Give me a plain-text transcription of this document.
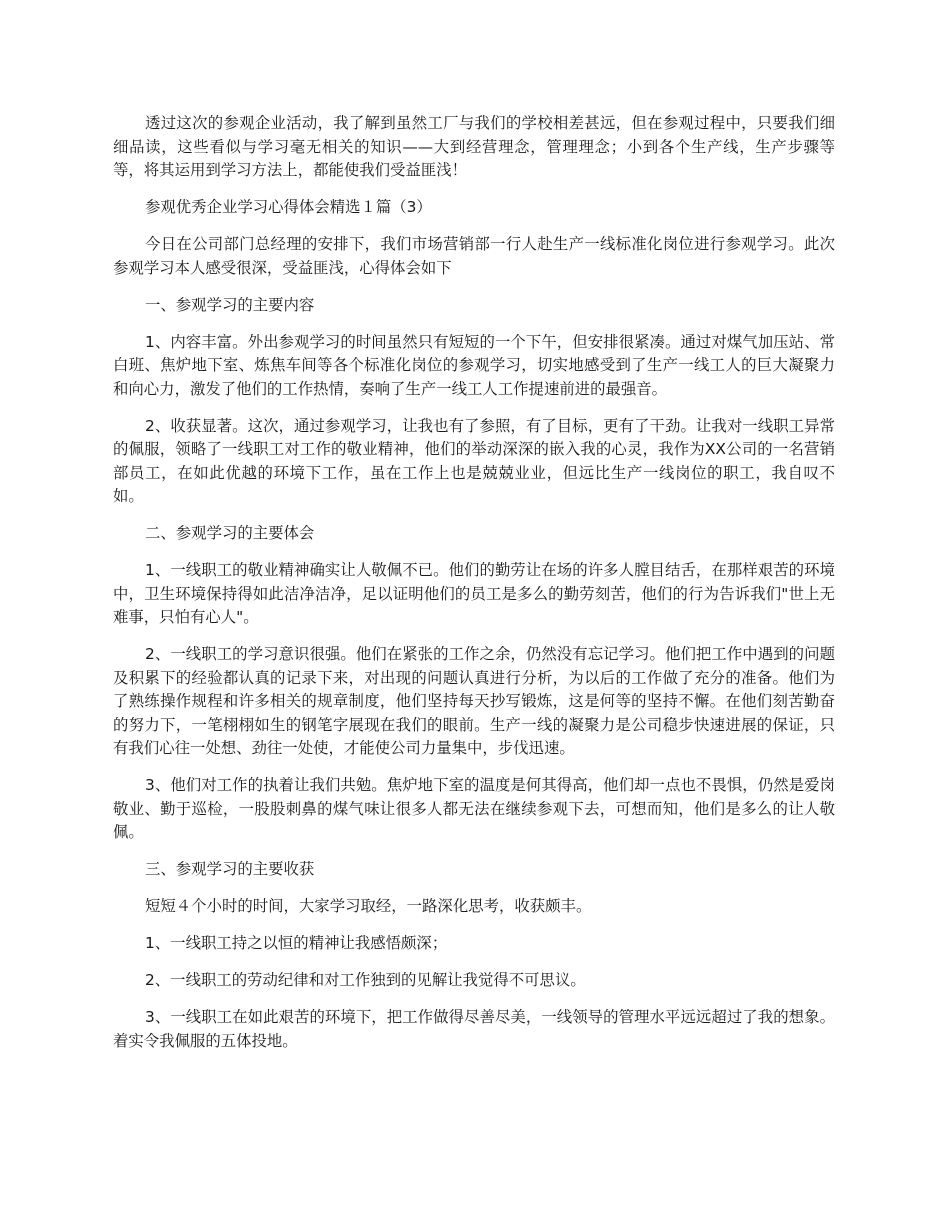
透过这次的参观企业活动，我了解到虽然工厂与我们的学校相差甚远，但在参观过程中，只要我们细细品读，这些看似与学习毫无相关的知识——大到经营理念，管理理念；小到各个生产线，生产步骤等等，将其运用到学习方法上，都能使我们受益匪浅！

参观优秀企业学习心得体会精选１篇（3）

今日在公司部门总经理的安排下，我们市场营销部一行人赴生产一线标准化岗位进行参观学习。此次参观学习本人感受很深，受益匪浅，心得体会如下

一、参观学习的主要内容

1、内容丰富。外出参观学习的时间虽然只有短短的一个下午，但安排很紧凑。通过对煤气加压站、常白班、焦炉地下室、炼焦车间等各个标准化岗位的参观学习，切实地感受到了生产一线工人的巨大凝聚力和向心力，激发了他们的工作热情，奏响了生产一线工人工作提速前进的最强音。

2、收获显著。这次，通过参观学习，让我也有了参照，有了目标，更有了干劲。让我对一线职工异常的佩服，领略了一线职工对工作的敬业精神，他们的举动深深的嵌入我的心灵，我作为XX公司的一名营销部员工，在如此优越的环境下工作，虽在工作上也是兢兢业业，但远比生产一线岗位的职工，我自叹不如。

二、参观学习的主要体会

1、一线职工的敬业精神确实让人敬佩不已。他们的勤劳让在场的许多人膛目结舌，在那样艰苦的环境中，卫生环境保持得如此洁净洁净，足以证明他们的员工是多么的勤劳刻苦，他们的行为告诉我们"世上无难事，只怕有心人"。

2、一线职工的学习意识很强。他们在紧张的工作之余，仍然没有忘记学习。他们把工作中遇到的问题及积累下的经验都认真的记录下来，对出现的问题认真进行分析，为以后的工作做了充分的准备。他们为了熟练操作规程和许多相关的规章制度，他们坚持每天抄写锻炼，这是何等的坚持不懈。在他们刻苦勤奋的努力下，一笔栩栩如生的钢笔字展现在我们的眼前。生产一线的凝聚力是公司稳步快速进展的保证，只有我们心往一处想、劲往一处使，才能使公司力量集中，步伐迅速。

3、他们对工作的执着让我们共勉。焦炉地下室的温度是何其得高，他们却一点也不畏惧，仍然是爱岗敬业、勤于巡检，一股股刺鼻的煤气味让很多人都无法在继续参观下去，可想而知，他们是多么的让人敬佩。

三、参观学习的主要收获

短短４个小时的时间，大家学习取经，一路深化思考，收获颇丰。

1、一线职工持之以恒的精神让我感悟颇深；

2、一线职工的劳动纪律和对工作独到的见解让我觉得不可思议。

3、一线职工在如此艰苦的环境下，把工作做得尽善尽美，一线领导的管理水平远远超过了我的想象。着实令我佩服的五体投地。
